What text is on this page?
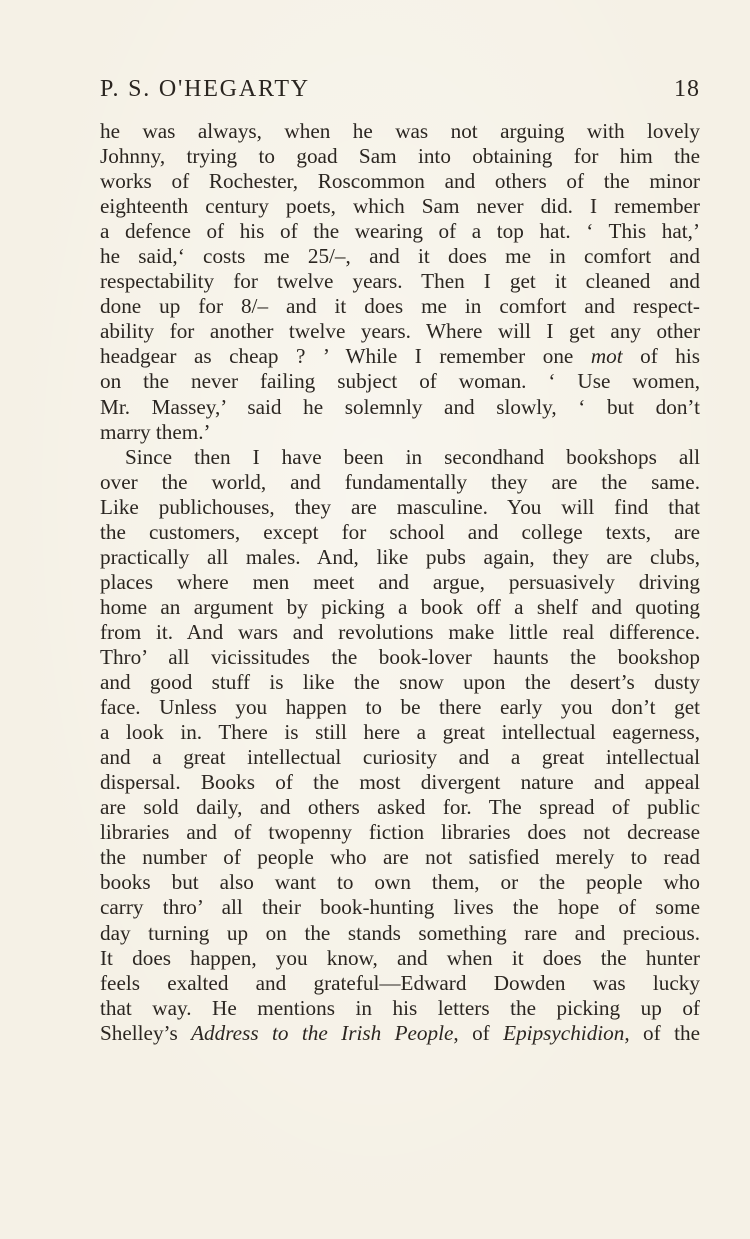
P. S. O'HEGARTY	18
he was always, when he was not arguing with lovely
Johnny, trying to goad Sam into obtaining for him the
works of Rochester, Roscommon and others of the minor
eighteenth century poets, which Sam never did. I remember
a defence of his of the wearing of a top hat. ‘ This hat,’
he said,‘ costs me 25/–, and it does me in comfort and
respectability for twelve years. Then I get it cleaned and
done up for 8/– and it does me in comfort and respect-
ability for another twelve years. Where will I get any other
headgear as cheap ? ’ While I remember one mot of his
on the never failing subject of woman. ‘ Use women,
Mr. Massey,’ said he solemnly and slowly, ‘ but don’t
marry them.’
Since then I have been in secondhand bookshops all
over the world, and fundamentally they are the same.
Like publichouses, they are masculine. You will find that
the customers, except for school and college texts, are
practically all males. And, like pubs again, they are clubs,
places where men meet and argue, persuasively driving
home an argument by picking a book off a shelf and quoting
from it. And wars and revolutions make little real difference.
Thro’ all vicissitudes the book-lover haunts the bookshop
and good stuff is like the snow upon the desert’s dusty
face. Unless you happen to be there early you don’t get
a look in. There is still here a great intellectual eagerness,
and a great intellectual curiosity and a great intellectual
dispersal. Books of the most divergent nature and appeal
are sold daily, and others asked for. The spread of public
libraries and of twopenny fiction libraries does not decrease
the number of people who are not satisfied merely to read
books but also want to own them, or the people who
carry thro’ all their book-hunting lives the hope of some
day turning up on the stands something rare and precious.
It does happen, you know, and when it does the hunter
feels exalted and grateful—Edward Dowden was lucky
that way. He mentions in his letters the picking up of
Shelley’s Address to the Irish People, of Epipsychidion, of the
